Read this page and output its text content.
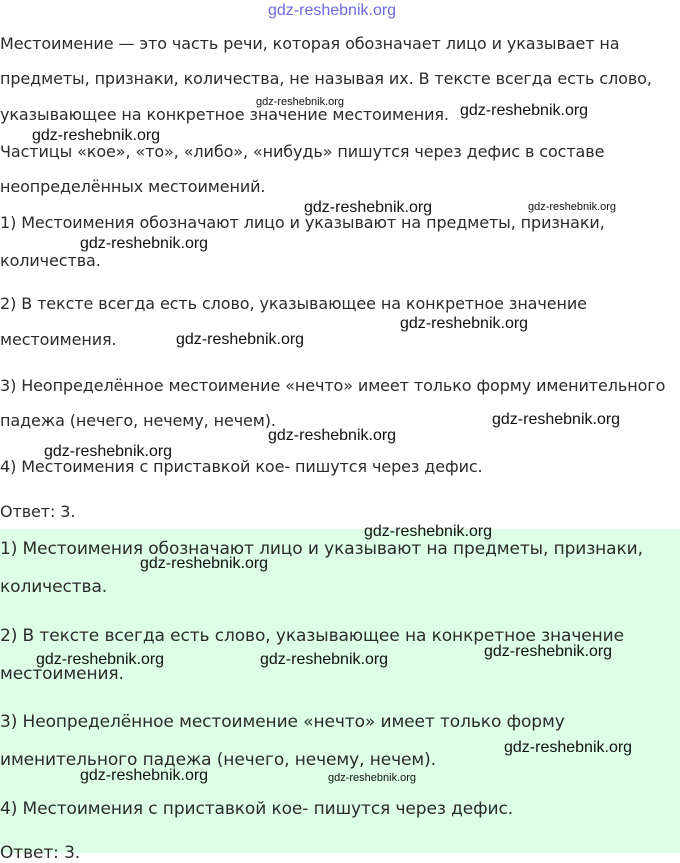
gdz-reshebnik.org
Местоимение — это часть речи, которая обозначает лицо и указывает на
предметы, признаки, количества, не называя их. В тексте всегда есть слово,
указывающее на конкретное значение местоимения.
Частицы «кое», «то», «либо», «нибудь» пишутся через дефис в составе
неопределённых местоимений.
1) Местоимения обозначают лицо и указывают на предметы, признаки,
количества.
2) В тексте всегда есть слово, указывающее на конкретное значение
местоимения.
3) Неопределённое местоимение «нечто» имеет только форму именительного
падежа (нечего, нечему, нечем).
4) Местоимения с приставкой кое- пишутся через дефис.
Ответ: 3.
1) Местоимения обозначают лицо и указывают на предметы, признаки,
количества.
2) В тексте всегда есть слово, указывающее на конкретное значение
местоимения.
3) Неопределённое местоимение «нечто» имеет только форму
именительного падежа (нечего, нечему, нечем).
4) Местоимения с приставкой кое- пишутся через дефис.
Ответ: 3.
gdz-reshebnik.org	gdz-reshebnik.org
gdz-reshebnik.org
gdz-reshebnik.org	gdz-reshebnik.org
gdz-reshebnik.org
gdz-reshebnik.org
gdz-reshebnik.org
gdz-reshebnik.org
gdz-reshebnik.org
gdz-reshebnik.org
gdz-reshebnik.org
gdz-reshebnik.org
gdz-reshebnik.org
gdz-reshebnik.org	gdz-reshebnik.org
gdz-reshebnik.org
gdz-reshebnik.org	gdz-reshebnik.org
